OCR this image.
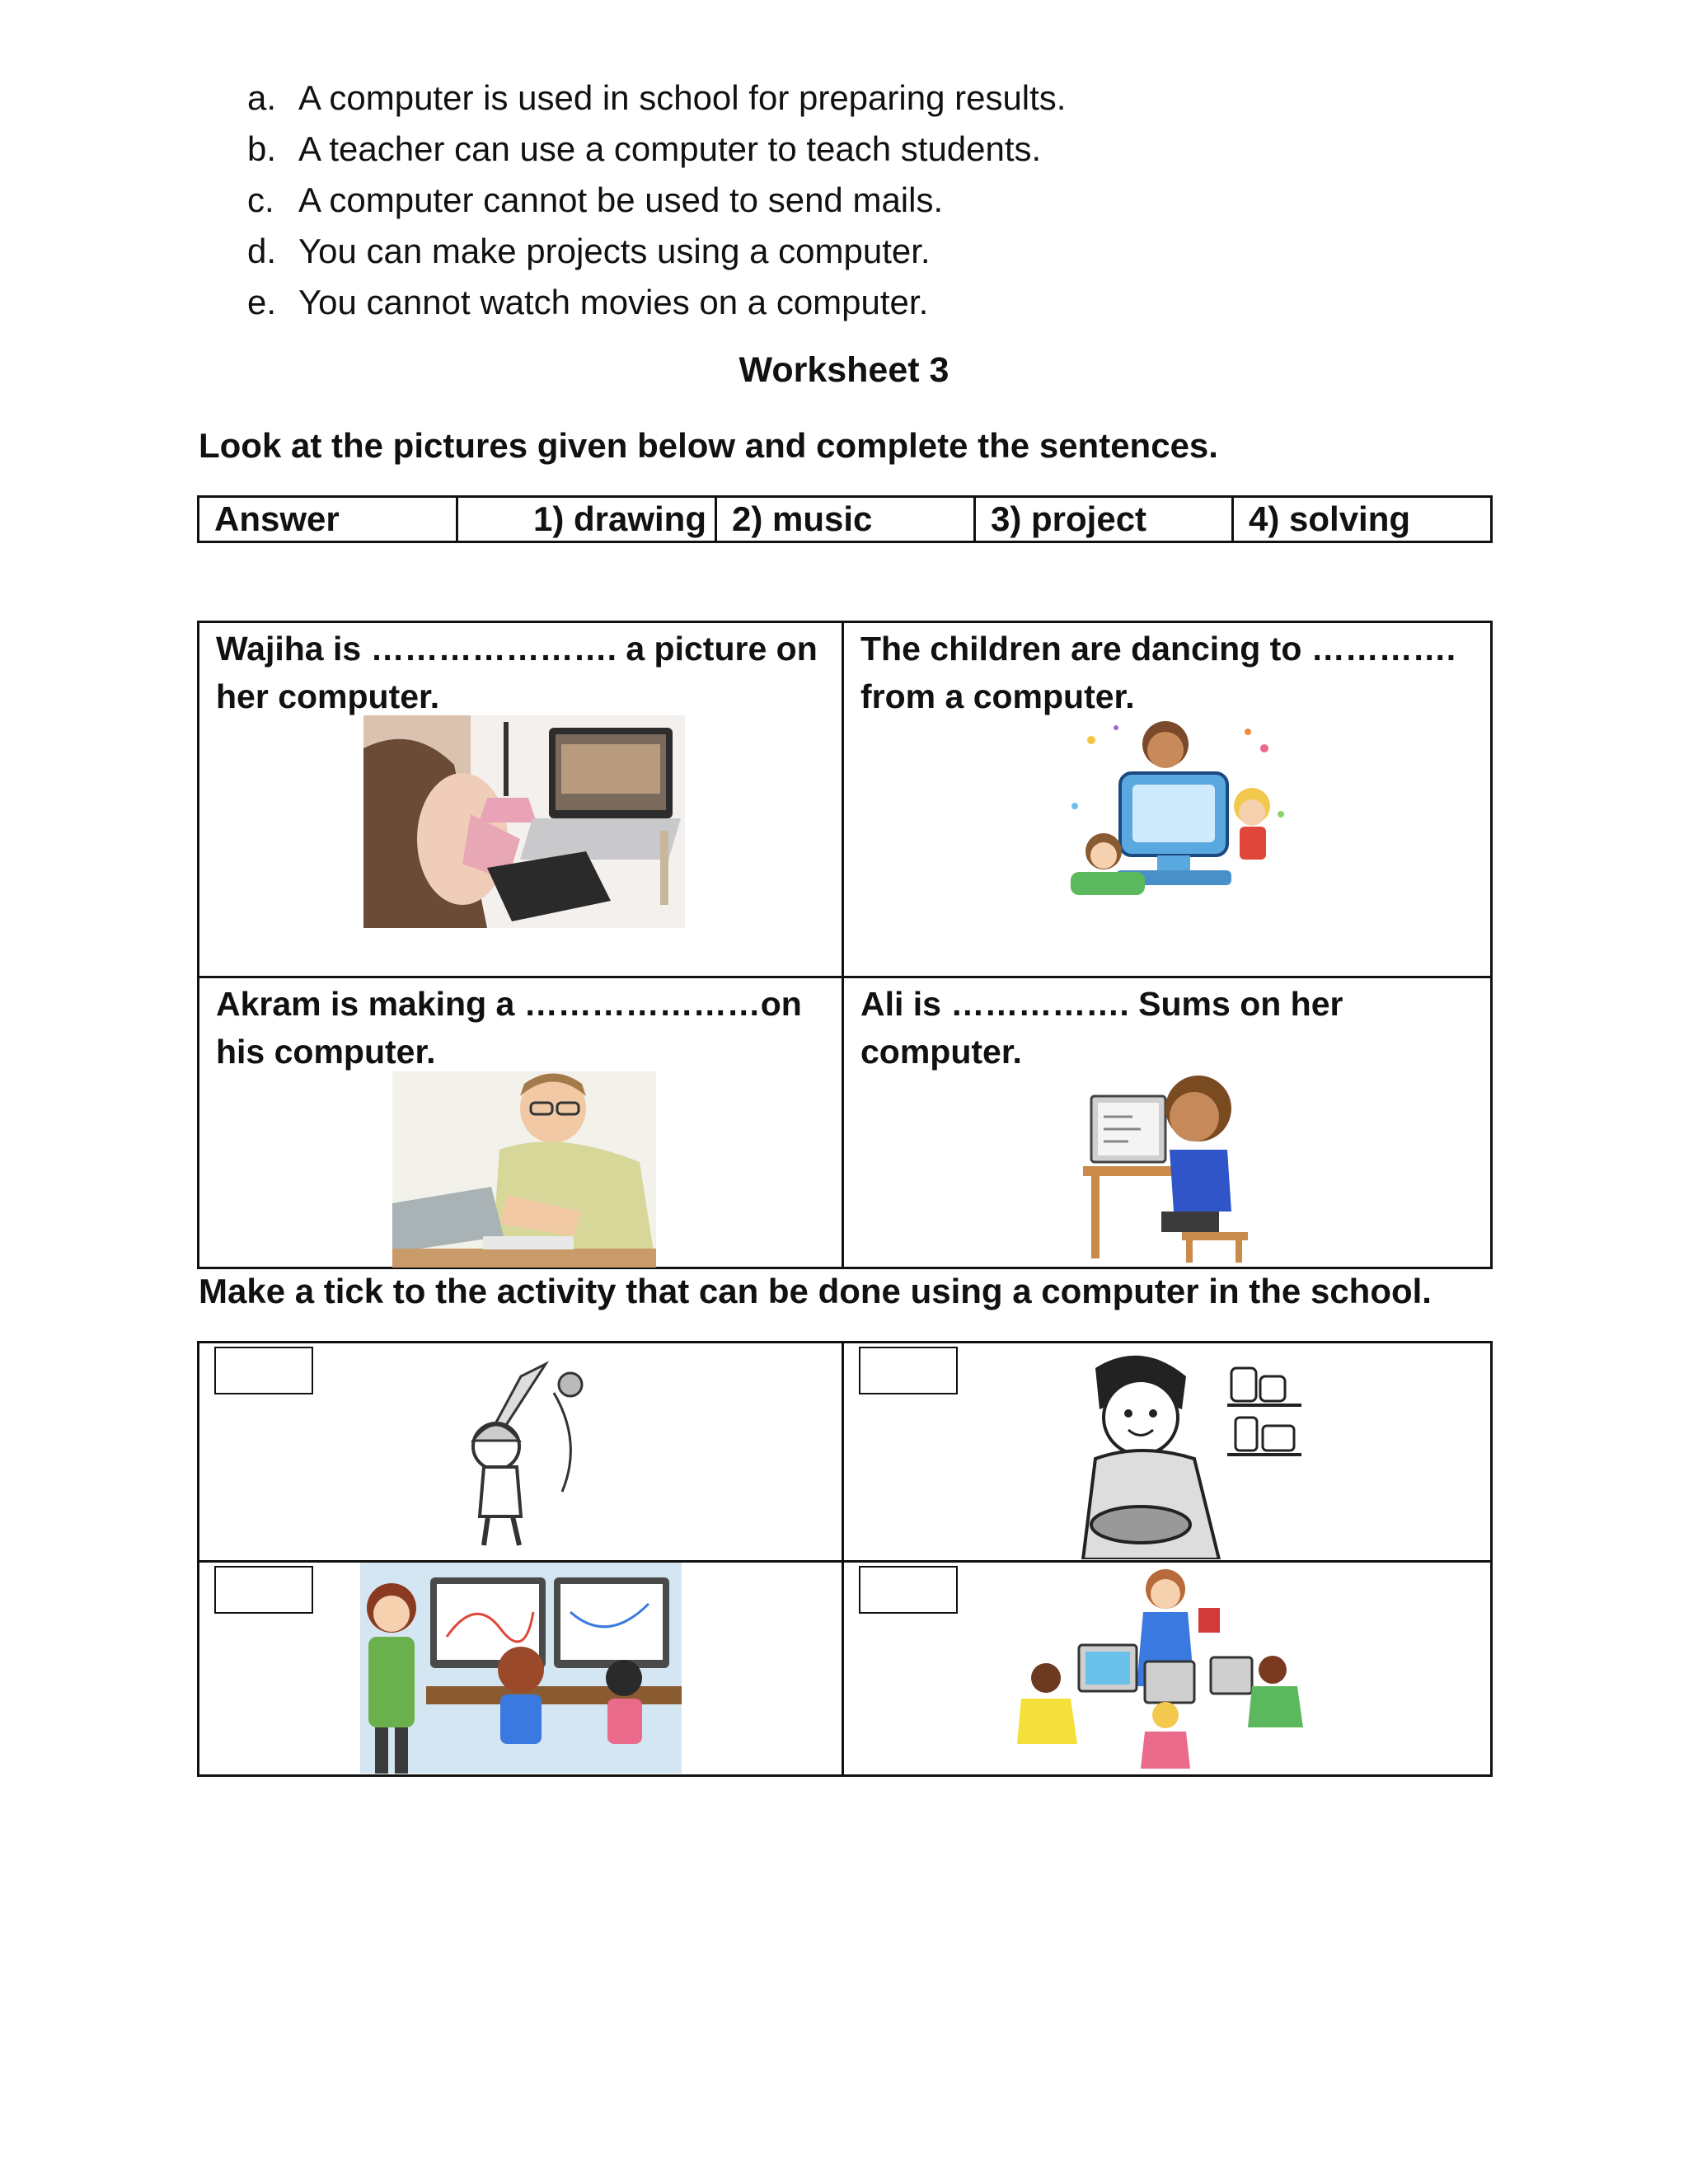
a. A computer is used in school for preparing results.
b. A teacher can use a computer to teach students.
c. A computer cannot be used to send mails.
d. You can make projects using a computer.
e. You cannot watch movies on a computer.
Worksheet 3
Look at the pictures given below and complete the sentences.
Answer	1) drawing	2) music	3) project	4) solving
Wajiha is …………………. a picture on her computer.	The children are dancing to …………. from a computer.

Akram is making a …………………on his computer.	Ali is ……………. Sums on her computer.
Make a tick to the activity that can be done using a computer in the school.
